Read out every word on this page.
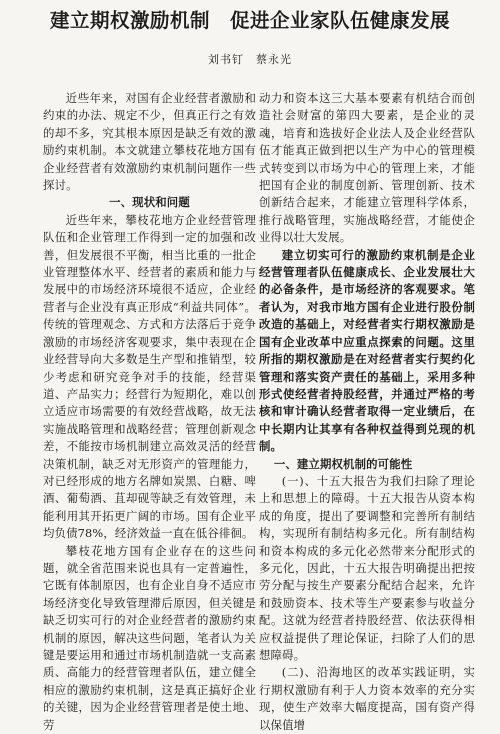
建立期权激励机制　促进企业家队伍健康发展
刘书钉　蔡永光

近些年来，对国有企业经营者激励和约束的办法、规定不少，但真正行之有效的却不多，究其根本原因是缺乏有效的激励约束机制。本文就建立攀枝花地方国有企业经营者有效激励约束机制问题作一些探讨。

一、现状和问题

近些年来，攀枝花地方企业经营管理队伍和企业管理工作得到一定的加强和改善，但发展很不平衡，相当比重的一批企业管理整体水平、经营者的素质和能力与发展中的市场经济环境很不适应，企业经营者与企业没有真正形成“利益共同体”。传统的管理观念、方式和方法落后于竞争激励的市场经济客观要求，集中表现在企业经营导向大多数是生产型和推销型，较少考虑和研究竞争对手的技能，经营渠道、产品实力；经营行为短期化，难以创立适应市场需要的有效经营战略，故无法实施战略管理和战略经营；管理创新观念差，不能按市场机制建立高效灵活的经营决策机制，缺乏对无形资产的管理能力，对已经形成的地方名牌如炭黑、白糖、啤酒、葡萄酒、苴却砚等缺乏有效管理，未能利用其开拓更广阔的市场。国有企业平均负债78%，经济效益一直在低谷徘徊。

攀枝花地方国有企业存在的这些问题，就全省范围来说也具有一定普遍性，它既有体制原因，也有企业自身不适应市场经济变化导致管理滞后原因，但关键是缺乏切实可行的对企业经营者的激励约束机制的原因，解决这些问题，笔者认为关键是要运用和通过市场机制造就一支高素质、高能力的经营管理者队伍，建立健全相应的激励约束机制，这是真正搞好企业的关键，因为企业经营管理者是使土地、劳

动力和资本这三大基本要素有机结合而创造社会财富的第四大要素，是企业的灵魂，培育和选拔好企业法人及企业经营队伍才能真正做到把以生产为中心的管理模式转变到以市场为中心的管理上来，才能把国有企业的制度创新、管理创新、技术创新结合起来，才能建立管理科学体系，推行战略管理，实施战略经营，才能使企业得以壮大发展。

建立切实可行的激励约束机制是企业经营管理者队伍健康成长、企业发展壮大的必备条件，是市场经济的客观要求。笔者认为，对我市地方国有企业进行股份制改造的基础上，对经营者实行期权激励是国有企业改革中应重点探索的问题。这里所指的期权激励是在对经营者实行契约化管理和落实资产责任的基础上，采用多种形式使经营者持股经营，并通过严格的考核和审计确认经营者取得一定业绩后，在中长期内让其享有各种权益得到兑现的机制。

一、建立期权机制的可能性

(一)、十五大报告为我们扫除了理论上和思想上的障碍。十五大报告从资本构成的角度，提出了要调整和完善所有制结构，实现所有制结构多元化。所有制结构和资本构成的多元化必然带来分配形式的多元化，因此，十五大报告明确提出把按劳分配与按生产要素分配结合起来，允许和鼓励资本、技术等生产要素参与收益分配。这就为经营者持股经营、依法获得相应权益提供了理论保证，扫除了人们的思想障碍。

(二)、沿海地区的改革实践证明，实行期权激励有利于人力资本效率的充分实现，使生产效率大幅度提高，国有资产得以保值增
